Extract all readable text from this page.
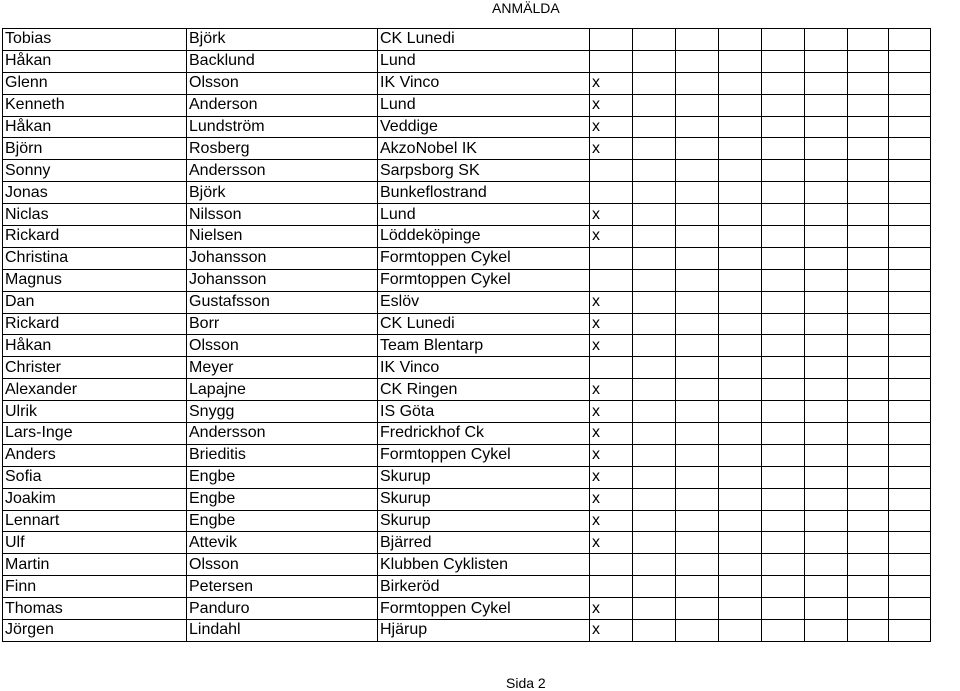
ANMÄLDA
Tobias	Björk	CK Lunedi								
Håkan	Backlund	Lund								
Glenn	Olsson	IK Vinco	x							
Kenneth	Anderson	Lund	x							
Håkan	Lundström	Veddige	x							
Björn	Rosberg	AkzoNobel IK	x							
Sonny	Andersson	Sarpsborg SK								
Jonas	Björk	Bunkeflostrand								
Niclas	Nilsson	Lund	x							
Rickard	Nielsen	Löddeköpinge	x							
Christina	Johansson	Formtoppen Cykel								
Magnus	Johansson	Formtoppen Cykel								
Dan	Gustafsson	Eslöv	x							
Rickard	Borr	CK Lunedi	x							
Håkan	Olsson	Team Blentarp	x							
Christer	Meyer	IK Vinco								
Alexander	Lapajne	CK Ringen	x							
Ulrik	Snygg	IS Göta	x							
Lars-Inge	Andersson	Fredrickhof Ck	x							
Anders	Brieditis	Formtoppen Cykel	x							
Sofia	Engbe	Skurup	x							
Joakim	Engbe	Skurup	x							
Lennart	Engbe	Skurup	x							
Ulf	Attevik	Bjärred	x							
Martin	Olsson	Klubben Cyklisten								
Finn	Petersen	Birkeröd								
Thomas	Panduro	Formtoppen Cykel	x							
Jörgen	Lindahl	Hjärup	x							
Sida 2
